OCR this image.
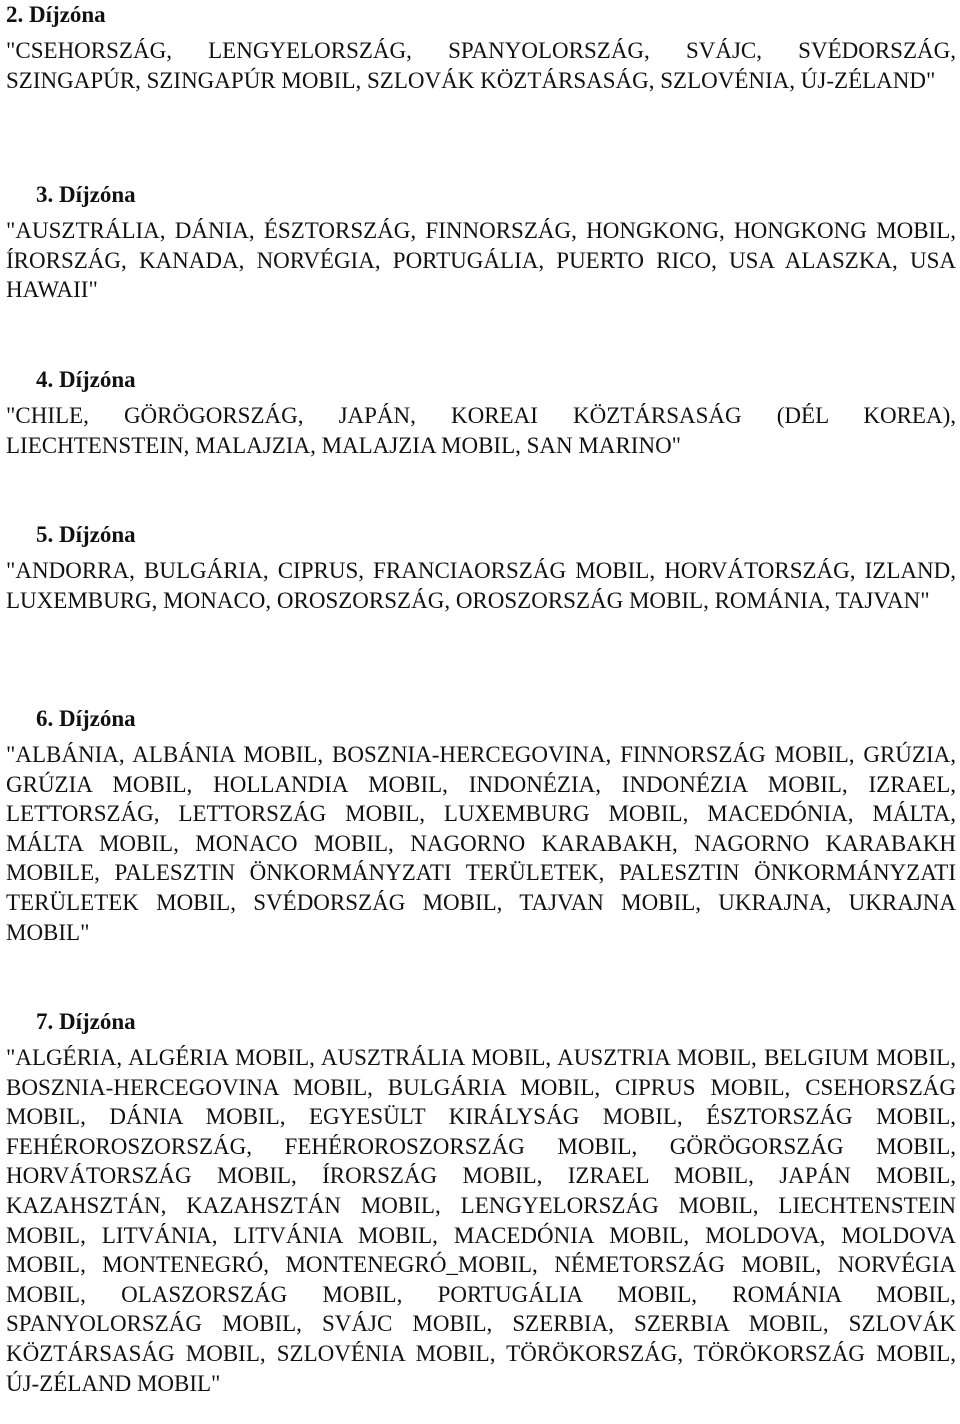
2. Díjzóna

"CSEHORSZÁG, LENGYELORSZÁG, SPANYOLORSZÁG, SVÁJC, SVÉDORSZÁG, SZINGAPÚR, SZINGAPÚR MOBIL, SZLOVÁK KÖZTÁRSASÁG, SZLOVÉNIA, ÚJ-ZÉLAND"

3. Díjzóna

"AUSZTRÁLIA, DÁNIA, ÉSZTORSZÁG, FINNORSZÁG, HONGKONG, HONGKONG MOBIL, ÍRORSZÁG, KANADA, NORVÉGIA, PORTUGÁLIA, PUERTO RICO, USA ALASZKA, USA HAWAII"

4. Díjzóna

"CHILE, GÖRÖGORSZÁG, JAPÁN, KOREAI KÖZTÁRSASÁG (DÉL KOREA), LIECHTENSTEIN, MALAJZIA, MALAJZIA MOBIL, SAN MARINO"

5. Díjzóna

"ANDORRA, BULGÁRIA, CIPRUS, FRANCIAORSZÁG MOBIL, HORVÁTORSZÁG, IZLAND, LUXEMBURG, MONACO, OROSZORSZÁG, OROSZORSZÁG MOBIL, ROMÁNIA, TAJVAN"

6. Díjzóna

"ALBÁNIA, ALBÁNIA MOBIL, BOSZNIA-HERCEGOVINA, FINNORSZÁG MOBIL, GRÚZIA, GRÚZIA MOBIL, HOLLANDIA MOBIL, INDONÉZIA, INDONÉZIA MOBIL, IZRAEL, LETTORSZÁG, LETTORSZÁG MOBIL, LUXEMBURG MOBIL, MACEDÓNIA, MÁLTA, MÁLTA MOBIL, MONACO MOBIL, NAGORNO KARABAKH, NAGORNO KARABAKH MOBILE, PALESZTIN ÖNKORMÁNYZATI TERÜLETEK, PALESZTIN ÖNKORMÁNYZATI TERÜLETEK MOBIL, SVÉDORSZÁG MOBIL, TAJVAN MOBIL, UKRAJNA, UKRAJNA MOBIL"

7. Díjzóna

"ALGÉRIA, ALGÉRIA MOBIL, AUSZTRÁLIA MOBIL, AUSZTRIA MOBIL, BELGIUM MOBIL, BOSZNIA-HERCEGOVINA MOBIL, BULGÁRIA MOBIL, CIPRUS MOBIL, CSEHORSZÁG MOBIL, DÁNIA MOBIL, EGYESÜLT KIRÁLYSÁG MOBIL, ÉSZTORSZÁG MOBIL, FEHÉROROSZORSZÁG, FEHÉROROSZORSZÁG MOBIL, GÖRÖGORSZÁG MOBIL, HORVÁTORSZÁG MOBIL, ÍRORSZÁG MOBIL, IZRAEL MOBIL, JAPÁN MOBIL, KAZAHSZTÁN, KAZAHSZTÁN MOBIL, LENGYELORSZÁG MOBIL, LIECHTENSTEIN MOBIL, LITVÁNIA, LITVÁNIA MOBIL, MACEDÓNIA MOBIL, MOLDOVA, MOLDOVA MOBIL, MONTENEGRÓ, MONTENEGRÓ_MOBIL, NÉMETORSZÁG MOBIL, NORVÉGIA MOBIL, OLASZORSZÁG MOBIL, PORTUGÁLIA MOBIL, ROMÁNIA MOBIL, SPANYOLORSZÁG MOBIL, SVÁJC MOBIL, SZERBIA, SZERBIA MOBIL, SZLOVÁK KÖZTÁRSASÁG MOBIL, SZLOVÉNIA MOBIL, TÖRÖKORSZÁG, TÖRÖKORSZÁG MOBIL, ÚJ-ZÉLAND MOBIL"
